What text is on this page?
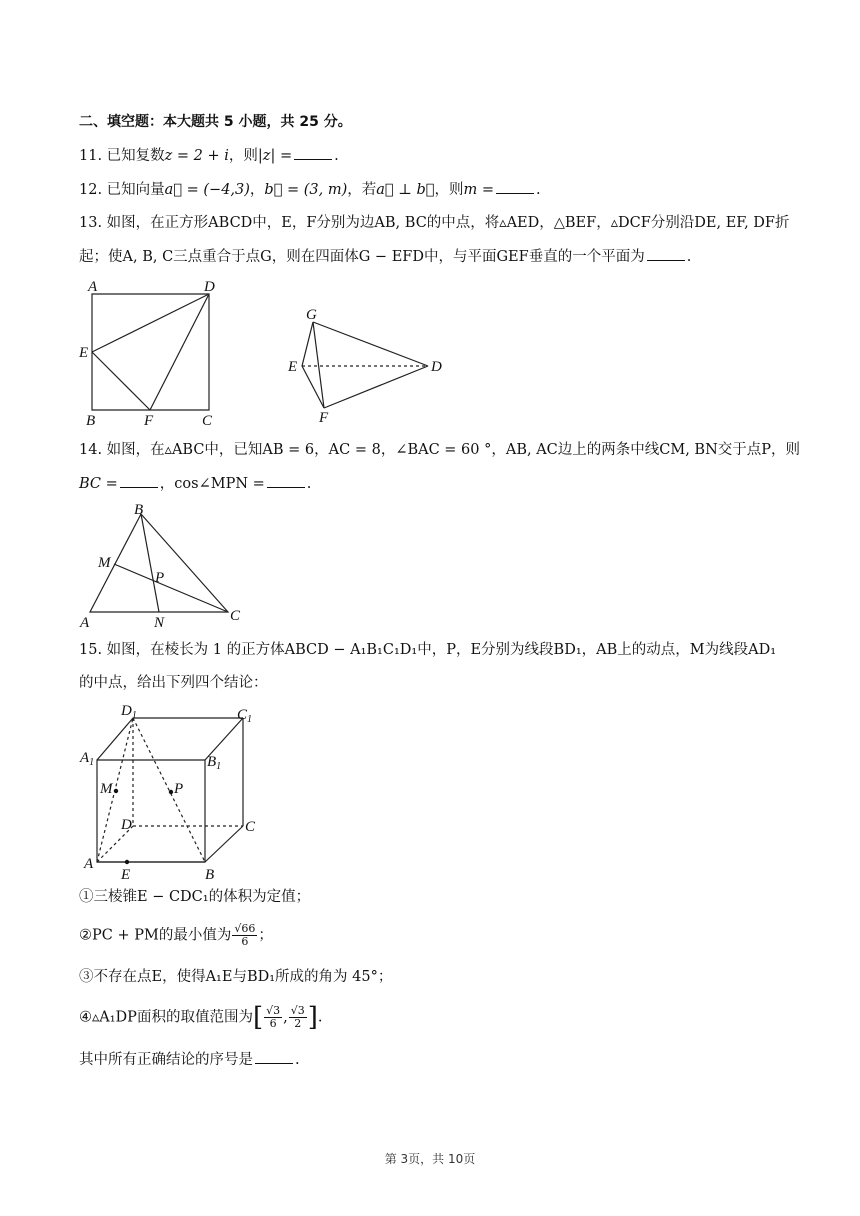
二、填空题：本大题共 5 小题，共 25 分。
11. 已知复数z = 2 + i，则|z| =	.
12. 已知向量a⃗ = (−4,3)，b⃗ = (3, m)，若a⃗ ⊥ b⃗，则m =	.
13. 如图，在正方形ABCD中，E，F分别为边AB, BC的中点，将▵AED，△BEF，▵DCF分别沿DE, EF, DF折
起；使A, B, C三点重合于点G，则在四面体G − EFD中，与平面GEF垂直的一个平面为	.
A	D
E
B	F	C
G
E	D
F
14. 如图，在▵ABC中，已知AB = 6，AC = 8，∠BAC = 60 °，AB, AC边上的两条中线CM, BN交于点P，则
BC =	，cos∠MPN =	.
B
M
P
A	N	C
15. 如图，在棱长为 1 的正方体ABCD − A₁B₁C₁D₁中，P，E分别为线段BD₁，AB上的动点，M为线段AD₁
的中点，给出下列四个结论：
$D_1$	$C_1$
$A_1$	$B_1$
M	P
D	C
A
B
E
①三棱锥E − CDC₁的体积为定值；
②PC + PM的最小值为 $\frac{√66}{6}$ ；
③不存在点E，使得A₁E与BD₁所成的角为 45°；
④▵A₁DP面积的取值范围为[ $\frac{√3}{6}$ , $\frac{√3}{2}$ ].
其中所有正确结论的序号是	.
第 3页，共 10页
